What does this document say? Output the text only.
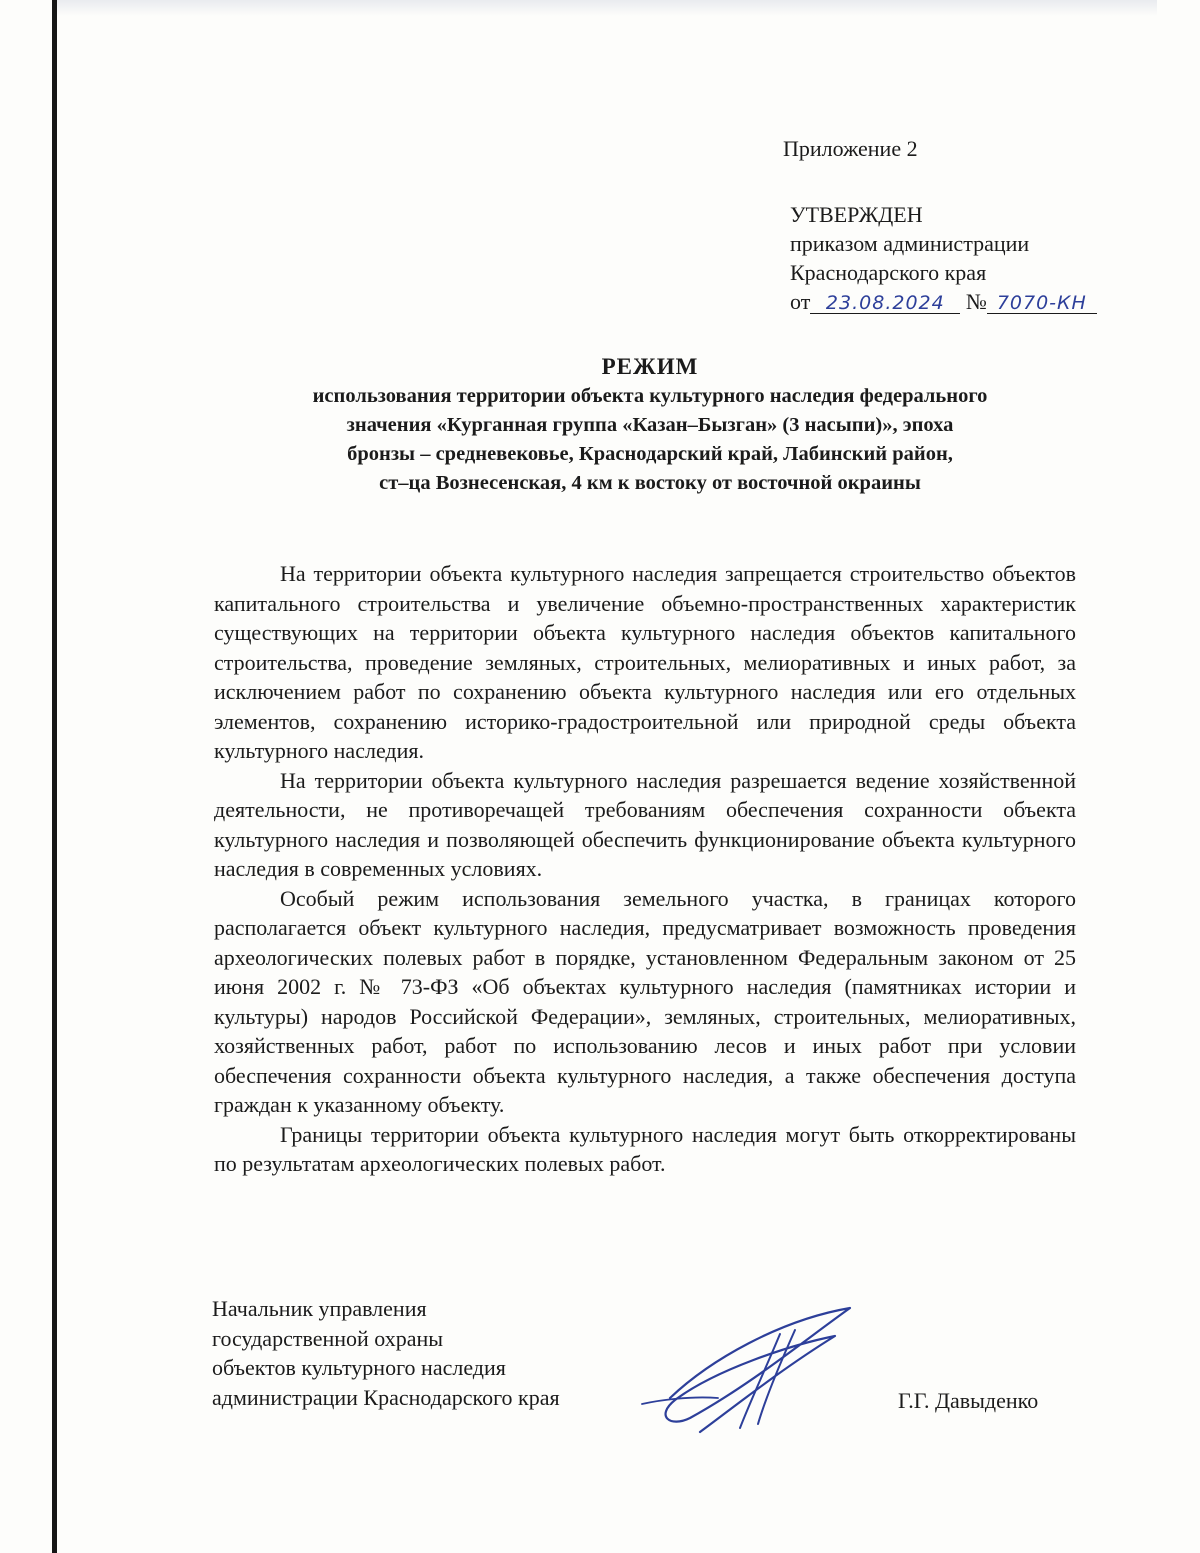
Приложение 2
УТВЕРЖДЕН
приказом администрации
Краснодарского края
от 23.08.2024 № 7070-КН
РЕЖИМ
использования территории объекта культурного наследия федерального
значения «Курганная группа «Казан–Бызган» (3 насыпи)», эпоха
бронзы – средневековье, Краснодарский край, Лабинский район,
ст–ца Вознесенская, 4 км к востоку от восточной окраины

На территории объекта культурного наследия запрещается строительство объектов капитального строительства и увеличение объемно-пространственных характеристик существующих на территории объекта культурного наследия объектов капитального строительства, проведение земляных, строительных, мелиоративных и иных работ, за исключением работ по сохранению объекта культурного наследия или его отдельных элементов, сохранению историко-градостроительной или природной среды объекта культурного наследия.

На территории объекта культурного наследия разрешается ведение хозяйственной деятельности, не противоречащей требованиям обеспечения сохранности объекта культурного наследия и позволяющей обеспечить функционирование объекта культурного наследия в современных условиях.

Особый режим использования земельного участка, в границах которого располагается объект культурного наследия, предусматривает возможность проведения археологических полевых работ в порядке, установленном Федеральным законом от 25 июня 2002 г. № 73-ФЗ «Об объектах культурного наследия (памятниках истории и культуры) народов Российской Федерации», земляных, строительных, мелиоративных, хозяйственных работ, работ по использованию лесов и иных работ при условии обеспечения сохранности объекта культурного наследия, а также обеспечения доступа граждан к указанному объекту.

Границы территории объекта культурного наследия могут быть откорректированы по результатам археологических полевых работ.

Начальник управления
государственной охраны
объектов культурного наследия
администрации Краснодарского края	Г.Г. Давыденко
